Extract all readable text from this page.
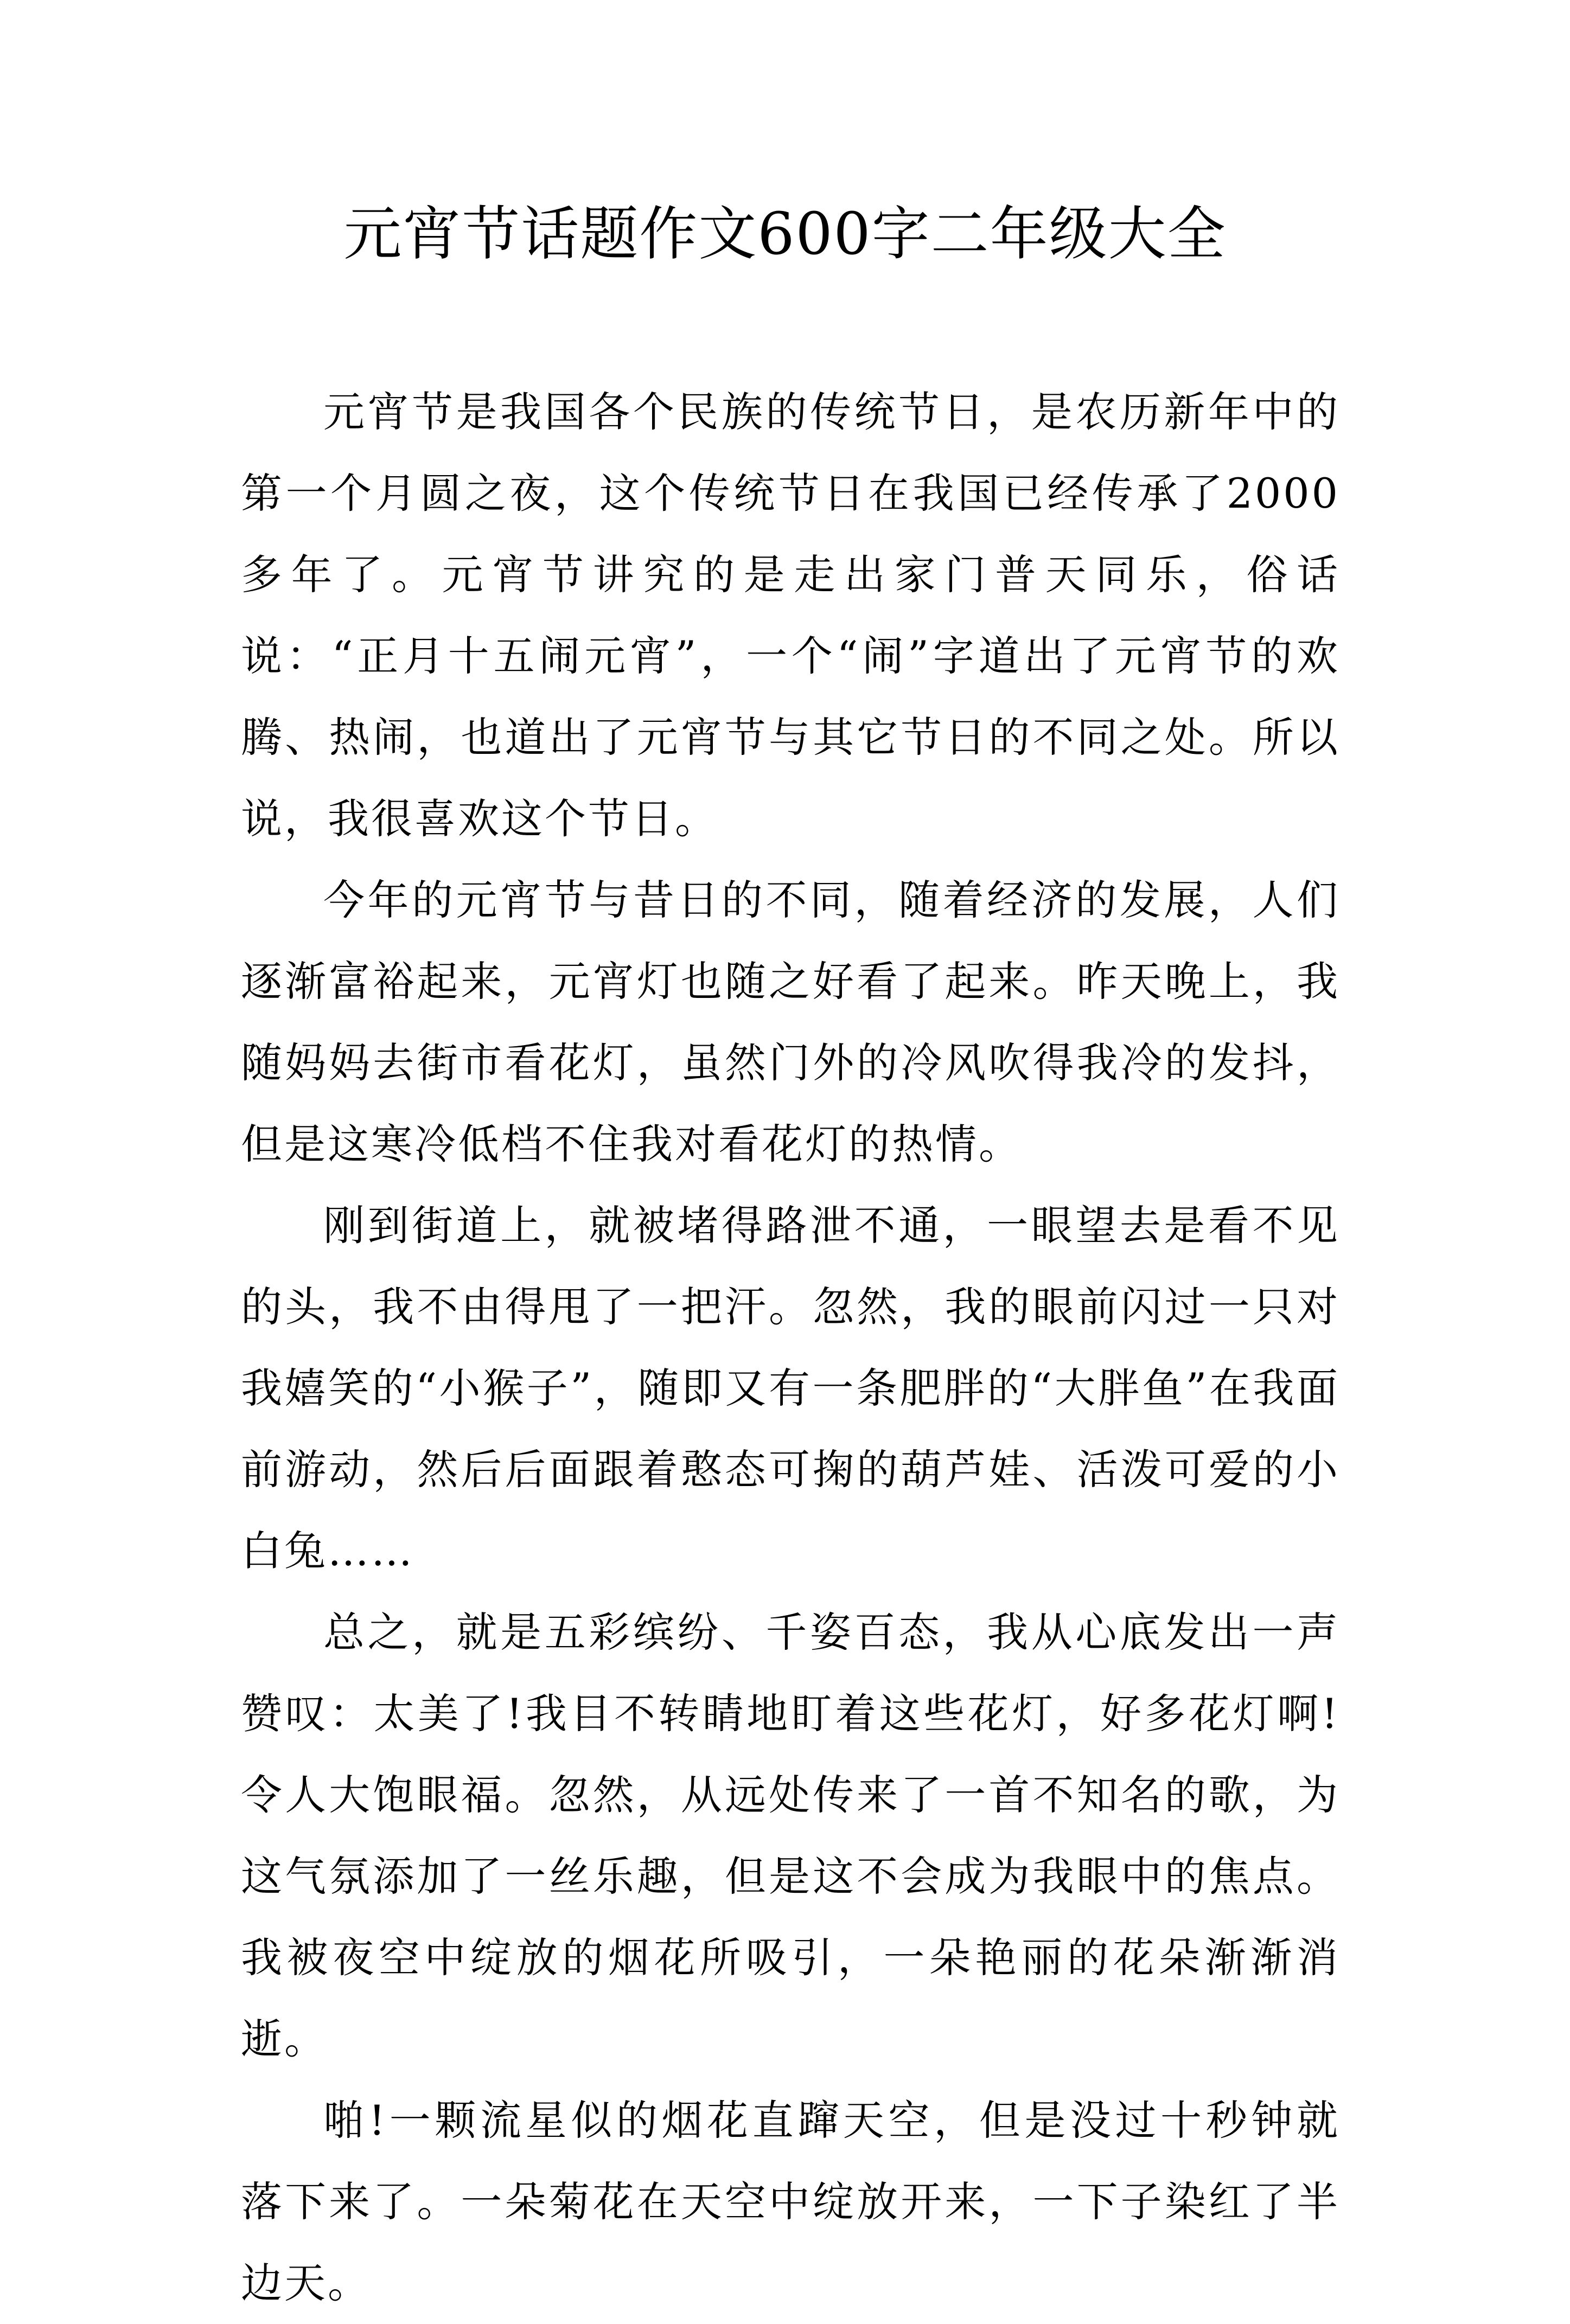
元宵节话题作文600字二年级大全

元宵节是我国各个民族的传统节日，是农历新年中的第一个月圆之夜，这个传统节日在我国已经传承了2000多年了。元宵节讲究的是走出家门普天同乐，俗话说：“正月十五闹元宵”，一个“闹”字道出了元宵节的欢腾、热闹，也道出了元宵节与其它节日的不同之处。所以说，我很喜欢这个节日。

今年的元宵节与昔日的不同，随着经济的发展，人们逐渐富裕起来，元宵灯也随之好看了起来。昨天晚上，我随妈妈去街市看花灯，虽然门外的冷风吹得我冷的发抖，但是这寒冷低档不住我对看花灯的热情。

刚到街道上，就被堵得路泄不通，一眼望去是看不见的头，我不由得甩了一把汗。忽然，我的眼前闪过一只对我嬉笑的“小猴子”，随即又有一条肥胖的“大胖鱼”在我面前游动，然后后面跟着憨态可掬的葫芦娃、活泼可爱的小白兔……

总之，就是五彩缤纷、千姿百态，我从心底发出一声赞叹：太美了!我目不转睛地盯着这些花灯，好多花灯啊!令人大饱眼福。忽然，从远处传来了一首不知名的歌，为这气氛添加了一丝乐趣，但是这不会成为我眼中的焦点。我被夜空中绽放的烟花所吸引，一朵艳丽的花朵渐渐消逝。

啪!一颗流星似的烟花直蹿天空，但是没过十秒钟就落下来了。一朵菊花在天空中绽放开来，一下子染红了半边天。
